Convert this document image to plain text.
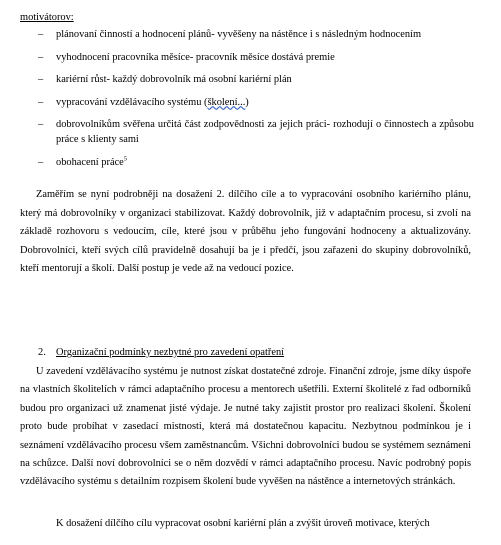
motivátorov:

– plánovaní činností a hodnocení plánů- vyvěšeny na nástěnce i s následným hodnocením
– vyhodnocení pracovníka měsíce- pracovník měsíce dostává premie
– kariérní růst- každý dobrovolník má osobní kariérní plán
– vypracování vzdělávacího systému (školení...)
– dobrovolníkům svěřena určitá část zodpovědnosti za jejich práci- rozhodují o činnostech a způsobu práce s klienty sami
– obohacení práce$^5$

Zaměřím se nyní podrobněji na dosažení 2. dílčího cíle a to vypracování osobního kariérního plánu, který má dobrovolníky v organizaci stabilizovat. Každý dobrovolník, již v adaptačním procesu, si zvolí na základě rozhovoru s vedoucím, cíle, které jsou v průběhu jeho fungování hodnoceny a aktualizovány. Dobrovolníci, kteří svých cílů pravidelně dosahují ba je i předčí, jsou zařazeni do skupiny dobrovolníků, kteří mentorují a školí. Další postup je vede až na vedoucí pozice.

2. Organizační podmínky nezbytné pro zavedení opatření

U zavedení vzdělávacího systému je nutnost získat dostatečné zdroje. Finanční zdroje, jsme díky úspoře na vlastních školitelích v rámci adaptačního procesu a mentorech ušetřili. Externí školitelé z řad odborníků budou pro organizaci už znamenat jisté výdaje. Je nutné taky zajistit prostor pro realizaci školení. Školení proto bude probíhat v zasedací mistnosti, která má dostatečnou kapacitu. Nezbytnou podmínkou je i seznámení vzdělávacího procesu všem zaměstnancům. Všichni dobrovolníci budou se systémem seznámeni na schůzce. Další noví dobrovolníci se o něm dozvědí v rámci adaptačního procesu. Navíc podrobný popis vzdělávacího systému s detailním rozpisem školení bude vyvěšen na nástěnce a internetových stránkách.

K dosažení dílčího cílu vypracovat osobní kariérní plán a zvýšit úroveň motivace, kterých
